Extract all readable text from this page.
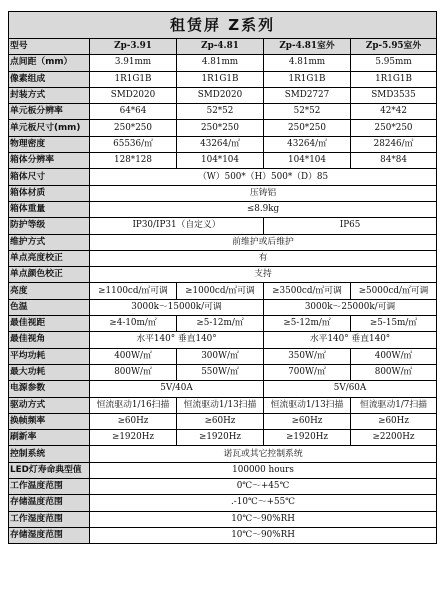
租赁屏 Z系列				
型号	Zp-3.91	Zp-4.81	Zp-4.81室外	Zp-5.95室外
点间距（mm）	3.91mm	4.81mm	4.81mm	5.95mm
像素组成	1R1G1B	1R1G1B	1R1G1B	1R1G1B
封装方式	SMD2020	SMD2020	SMD2727	SMD3535
单元板分辨率	64*64	52*52	52*52	42*42
单元板尺寸(mm)	250*250	250*250	250*250	250*250
物理密度	65536/㎡	43264/㎡	43264/㎡	28246/㎡
箱体分辨率	128*128	104*104	104*104	84*84
箱体尺寸	（W）500*（H）500*（D）85			
箱体材质	压铸铝			
箱体重量	≤8.9kg			
防护等级	IP30/IP31（自定义）		IP65	
维护方式	前维护或后维护			
单点亮度校正	有			
单点颜色校正	支持			
亮度	≥1100cd/㎡可调	≥1000cd/㎡可调	≥3500cd/㎡可调	≥5000cd/㎡可调
色温	3000k～15000k/可调		3000k～25000k/可调	
最佳视距	≥4-10m/㎡	≥5-12m/㎡	≥5-12m/㎡	≥5-15m/㎡
最佳视角	水平140° 垂直140°		水平140° 垂直140°	
平均功耗	400W/㎡	300W/㎡	350W/㎡	400W/㎡
最大功耗	800W/㎡	550W/㎡	700W/㎡	800W/㎡
电源参数	5V/40A		5V/60A	
驱动方式	恒流驱动1/16扫描	恒流驱动1/13扫描	恒流驱动1/13扫描	恒流驱动1/7扫描
换帧频率	≥60Hz	≥60Hz	≥60Hz	≥60Hz
刷新率	≥1920Hz	≥1920Hz	≥1920Hz	≥2200Hz
控制系统	诺瓦或其它控制系统			
LED灯寿命典型值	100000 hours			
工作温度范围	0℃～+45℃			
存储温度范围	.-10℃～+55℃			
工作湿度范围	10℃～90%RH			
存储湿度范围	10℃～90%RH			
